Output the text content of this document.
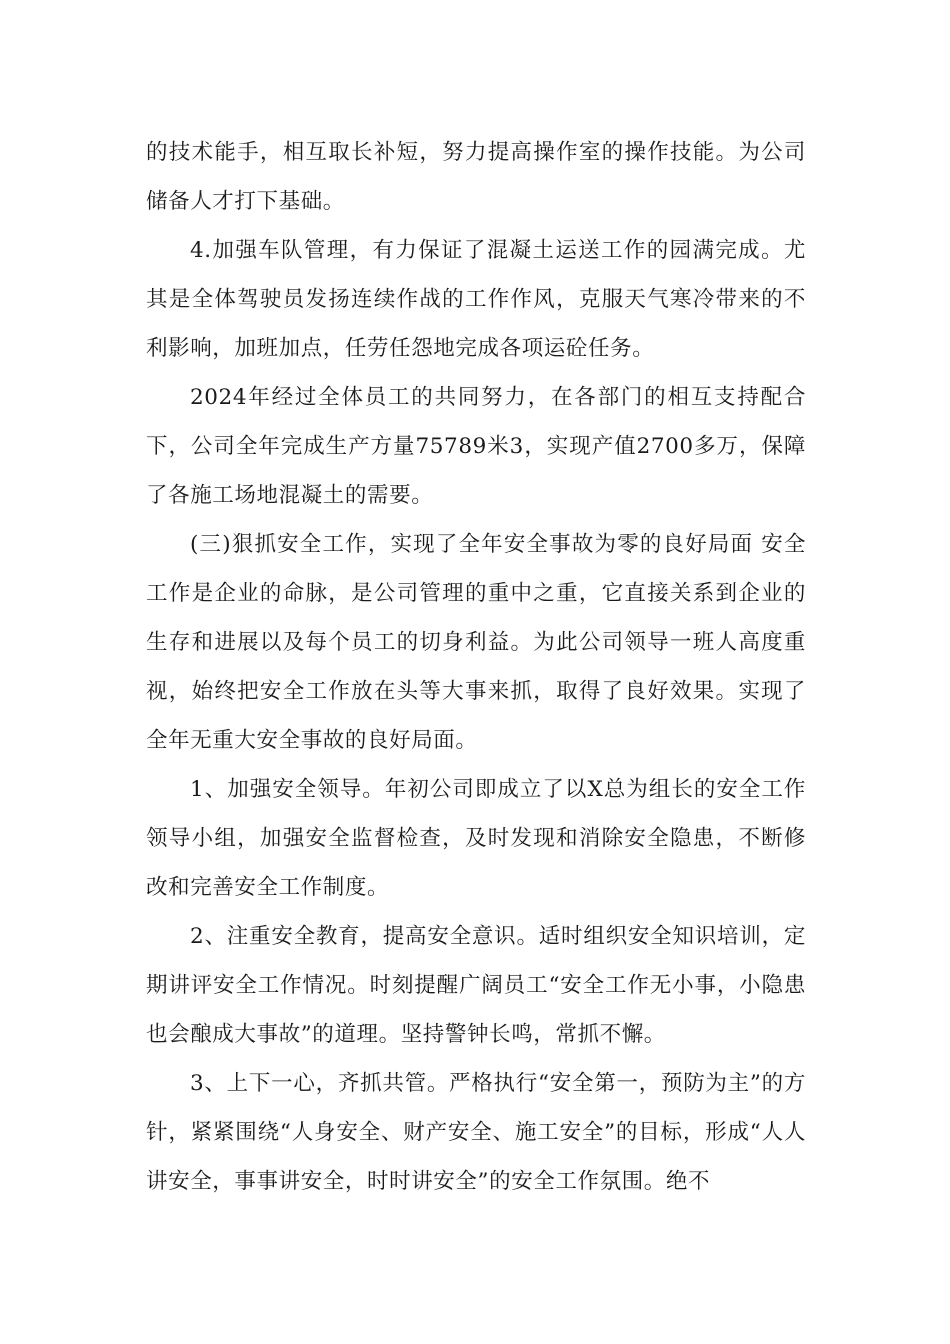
的技术能手，相互取长补短，努力提高操作室的操作技能。为公司储备人才打下基础。

4.加强车队管理，有力保证了混凝土运送工作的园满完成。尤其是全体驾驶员发扬连续作战的工作作风，克服天气寒冷带来的不利影响，加班加点，任劳任怨地完成各项运砼任务。

2024年经过全体员工的共同努力，在各部门的相互支持配合下，公司全年完成生产方量75789米3，实现产值2700多万，保障了各施工场地混凝土的需要。

(三)狠抓安全工作，实现了全年安全事故为零的良好局面 安全工作是企业的命脉，是公司管理的重中之重，它直接关系到企业的生存和进展以及每个员工的切身利益。为此公司领导一班人高度重视，始终把安全工作放在头等大事来抓，取得了良好效果。实现了全年无重大安全事故的良好局面。

1、加强安全领导。年初公司即成立了以X总为组长的安全工作领导小组，加强安全监督检查，及时发现和消除安全隐患，不断修改和完善安全工作制度。

2、注重安全教育，提高安全意识。适时组织安全知识培训，定期讲评安全工作情况。时刻提醒广阔员工“安全工作无小事，小隐患也会酿成大事故”的道理。坚持警钟长鸣，常抓不懈。

3、上下一心，齐抓共管。严格执行“安全第一，预防为主”的方针，紧紧围绕“人身安全、财产安全、施工安全”的目标，形成“人人讲安全，事事讲安全，时时讲安全”的安全工作氛围。绝不
